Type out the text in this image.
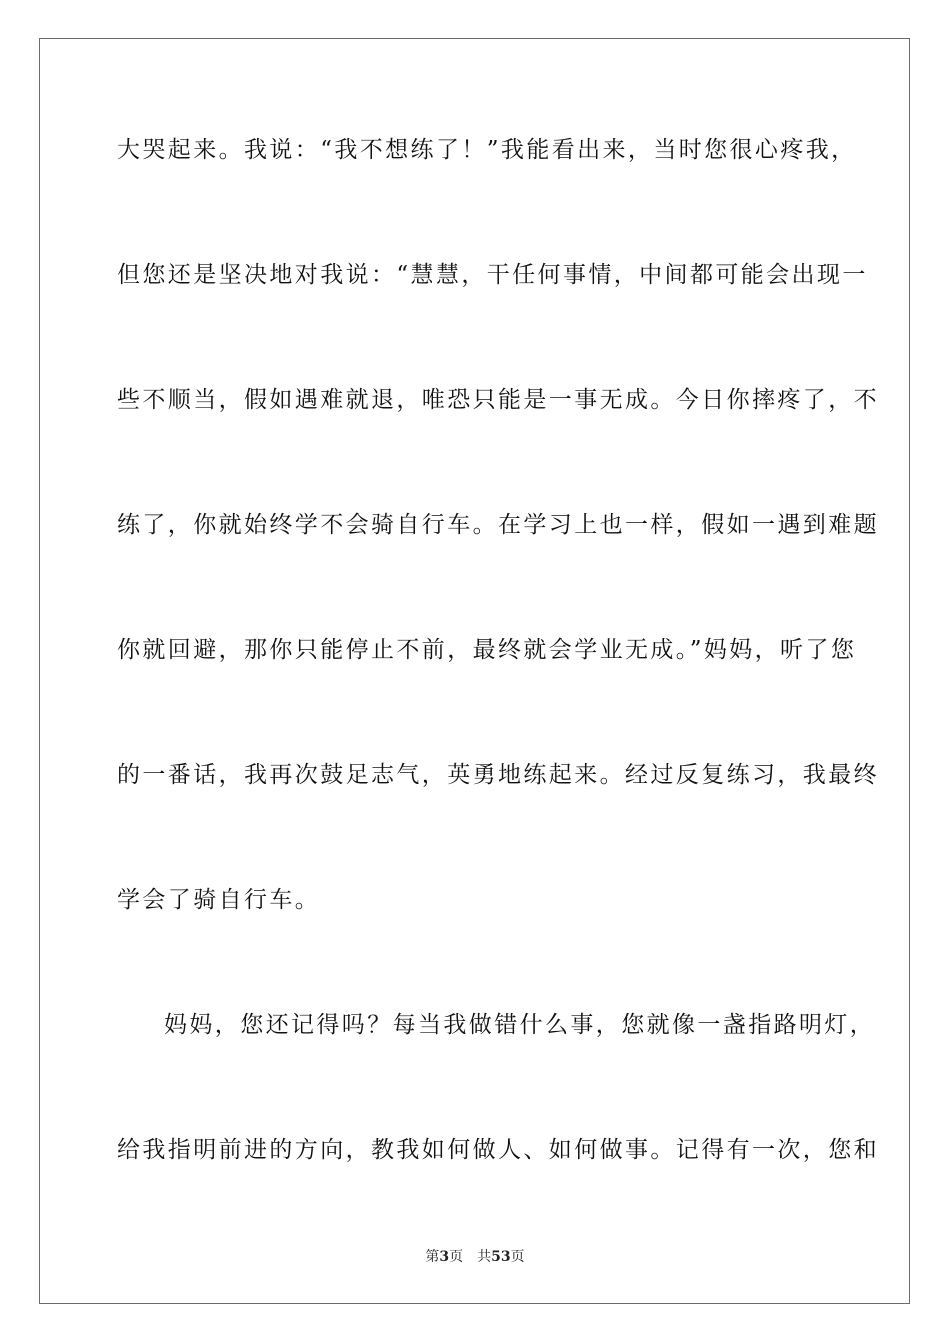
大哭起来。我说：“我不想练了！”我能看出来，当时您很心疼我，
但您还是坚决地对我说：“慧慧，干任何事情，中间都可能会出现一
些不顺当，假如遇难就退，唯恐只能是一事无成。今日你摔疼了，不
练了，你就始终学不会骑自行车。在学习上也一样，假如一遇到难题
你就回避，那你只能停止不前，最终就会学业无成。”妈妈，听了您
的一番话，我再次鼓足志气，英勇地练起来。经过反复练习，我最终
学会了骑自行车。
妈妈，您还记得吗？每当我做错什么事，您就像一盏指路明灯，
给我指明前进的方向，教我如何做人、如何做事。记得有一次，您和
第3页 共53页
